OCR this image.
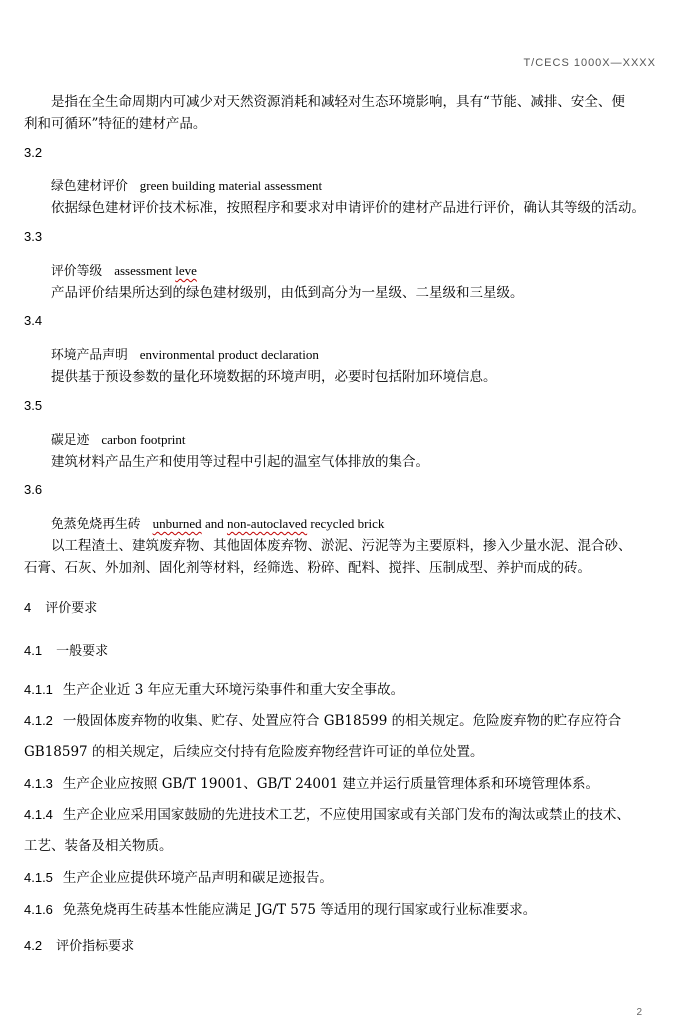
T/CECS 1000X—XXXX
是指在全生命周期内可减少对天然资源消耗和减轻对生态环境影响，具有“节能、减排、安全、便
利和可循环”特征的建材产品。
3.2
绿色建材评价 green building material assessment
依据绿色建材评价技术标准，按照程序和要求对申请评价的建材产品进行评价，确认其等级的活动。
3.3
评价等级 assessment leve
产品评价结果所达到的绿色建材级别，由低到高分为一星级、二星级和三星级。
3.4
环境产品声明 environmental product declaration
提供基于预设参数的量化环境数据的环境声明，必要时包括附加环境信息。
3.5
碳足迹 carbon footprint
建筑材料产品生产和使用等过程中引起的温室气体排放的集合。
3.6
免蒸免烧再生砖 unburned and non-autoclaved recycled brick
以工程渣土、建筑废弃物、其他固体废弃物、淤泥、污泥等为主要原料，掺入少量水泥、混合砂、
石膏、石灰、外加剂、固化剂等材料，经筛选、粉碎、配料、搅拌、压制成型、养护而成的砖。
4 评价要求
4.1 一般要求
4.1.1 生产企业近 3 年应无重大环境污染事件和重大安全事故。
4.1.2 一般固体废弃物的收集、贮存、处置应符合 GB18599 的相关规定。危险废弃物的贮存应符合
GB18597 的相关规定，后续应交付持有危险废弃物经营许可证的单位处置。
4.1.3 生产企业应按照 GB/T 19001、GB/T 24001 建立并运行质量管理体系和环境管理体系。
4.1.4 生产企业应采用国家鼓励的先进技术工艺，不应使用国家或有关部门发布的淘汰或禁止的技术、
工艺、装备及相关物质。
4.1.5 生产企业应提供环境产品声明和碳足迹报告。
4.1.6 免蒸免烧再生砖基本性能应满足 JG/T 575 等适用的现行国家或行业标准要求。
4.2 评价指标要求
2
